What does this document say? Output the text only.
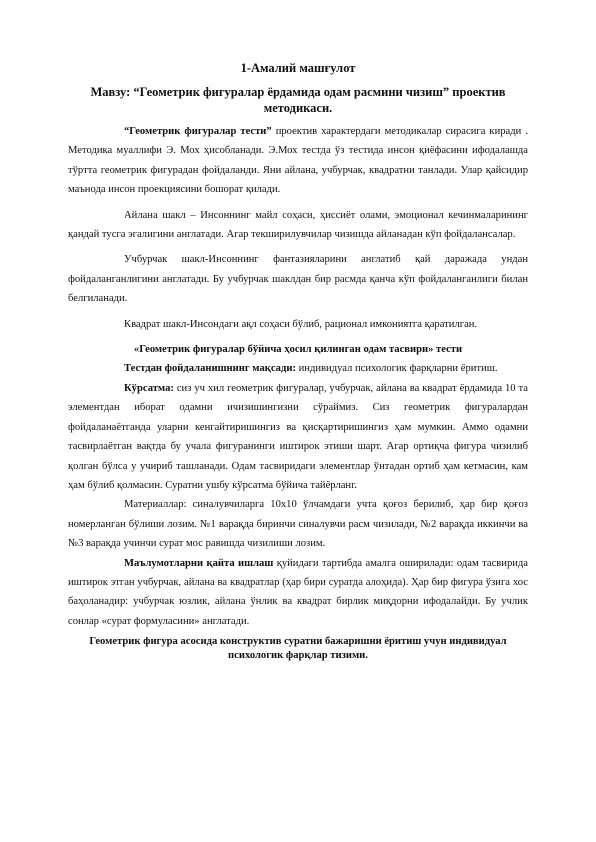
1-Амалий машғулот
Мавзу: “Геометрик фигуралар ёрдамида одам расмини чизиш” проектив методикаси.

“Геометрик фигуралар тести” проектив характердаги методикалар сирасига киради . Методика муаллифи Э. Мох ҳисобланади. Э.Мох тестда ўз тестида инсон қиёфасини ифодалашда тўртта геометрик фигурадан фойдаланди. Яни айлана, учбурчак, квадратни танлади. Улар қайсидир маънода инсон проекциясини бошорат қилади.

Айлана шакл – Инсоннинг майл соҳаси, ҳиссиёт олами, эмоционал кечинмаларининг қандай тусга эгалигини англатади. Агар текширилувчилар чизишда айланадан кўп фойдалансалар.

Учбурчак шакл-Инсоннинг фантазияларини англатиб қай даражада ундан фойдаланганлигини англатади. Бу учбурчак шаклдан бир расмда қанча кўп фойдаланганлиги билан белгиланади.

Квадрат шакл-Инсондаги ақл соҳаси бўлиб, рационал имкониятга қаратилган.

«Геометрик фигуралар бўйича ҳосил қилинган одам тасвири» тести

Тестдан фойдаланишнинг мақсади: индивидуал психологик фарқларни ёритиш.

Кўрсатма: сиз уч хил геометрик фигуралар, учбурчак, айлана ва квадрат ёрдамида 10 та элементдан иборат одамни ичизишингизни сўраймиз. Сиз геометрик фигуралардан фойдаланаётганда уларни кенгайтиришингиз ва қисқартиришингиз ҳам мумкин. Аммо одамни тасвирлаётган вақтда бу учала фигуранинги иштирок этиши шарт. Агар ортиқча фигура чизилиб қолган бўлса у учириб ташланади. Одам тасвиридаги элементлар ўнтадан ортиб ҳам кетмасин, кам ҳам бўлиб қолмасин. Суратни ушбу кўрсатма бўйича тайёрланг.

Материаллар: синалувчиларга 10х10 ўлчамдаги учта қоғоз берилиб, ҳар бир қоғоз номерланган бўлиши лозим. №1 варақда биринчи синалувчи расм чизилади, №2 варақда иккинчи ва №3 варақда учинчи сурат мос равишда чизилиши лозим.

Маълумотларни қайта ишлаш қуйидаги тартибда амалга оширилади: одам тасвирида иштирок этган учбурчак, айлана ва квадратлар (ҳар бири суратда алоҳида). Ҳар бир фигура ўзига хос баҳоланадир: учбурчак юзлик, айлана ўнлик ва квадрат бирлик миқдорни ифодалайди. Бу учлик сонлар «сурат формуласини» англатади.

Геометрик фигура асосида конструктив суратни бажаришни ёритиш учун индивидуал психологик фарқлар тизими.
